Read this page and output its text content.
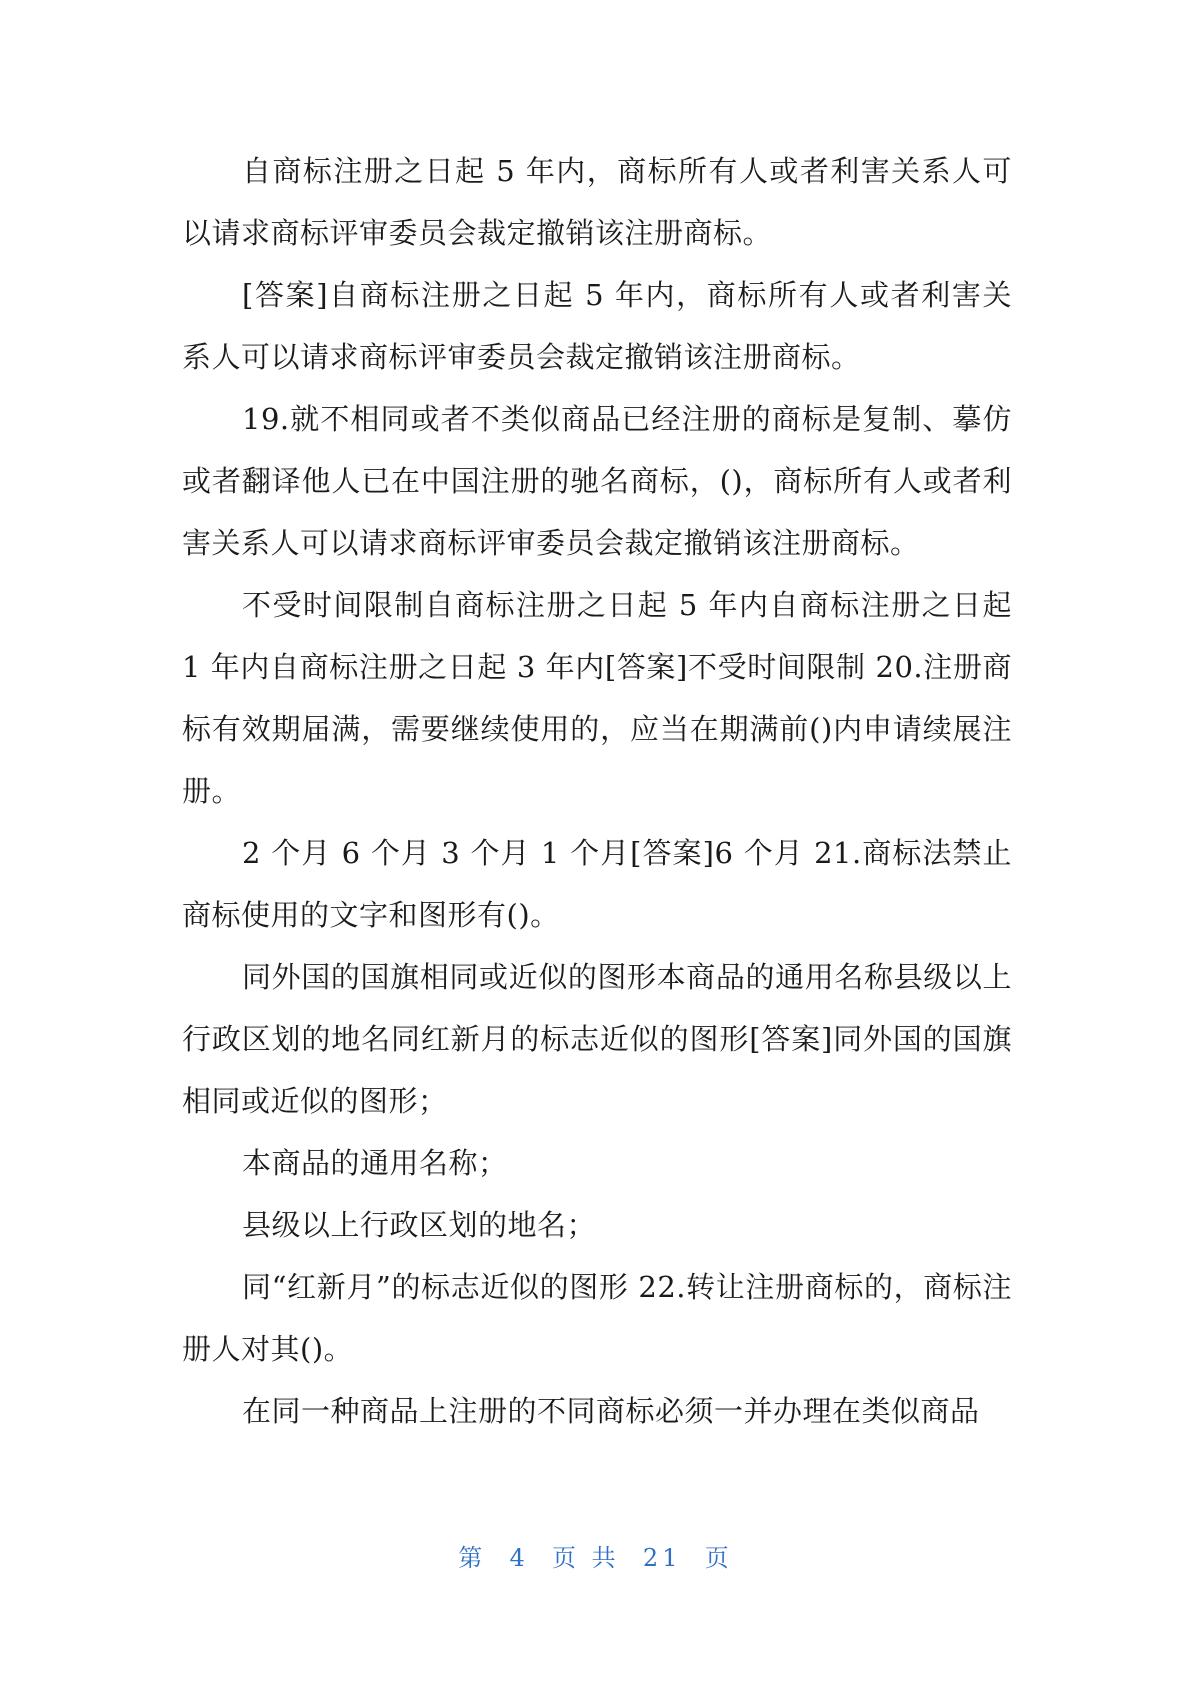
自商标注册之日起 5 年内，商标所有人或者利害关系人可以请求商标评审委员会裁定撤销该注册商标。

[答案]自商标注册之日起 5 年内，商标所有人或者利害关系人可以请求商标评审委员会裁定撤销该注册商标。

19.就不相同或者不类似商品已经注册的商标是复制、摹仿或者翻译他人已在中国注册的驰名商标，()，商标所有人或者利害关系人可以请求商标评审委员会裁定撤销该注册商标。

不受时间限制自商标注册之日起 5 年内自商标注册之日起 1 年内自商标注册之日起 3 年内[答案]不受时间限制 20.注册商标有效期届满，需要继续使用的，应当在期满前()内申请续展注册。

2 个月 6 个月 3 个月 1 个月[答案]6 个月 21.商标法禁止商标使用的文字和图形有()。

同外国的国旗相同或近似的图形本商品的通用名称县级以上行政区划的地名同红新月的标志近似的图形[答案]同外国的国旗相同或近似的图形；

本商品的通用名称；

县级以上行政区划的地名；

同“红新月”的标志近似的图形 22.转让注册商标的，商标注册人对其()。

在同一种商品上注册的不同商标必须一并办理在类似商品

第  4  页 共  21  页
